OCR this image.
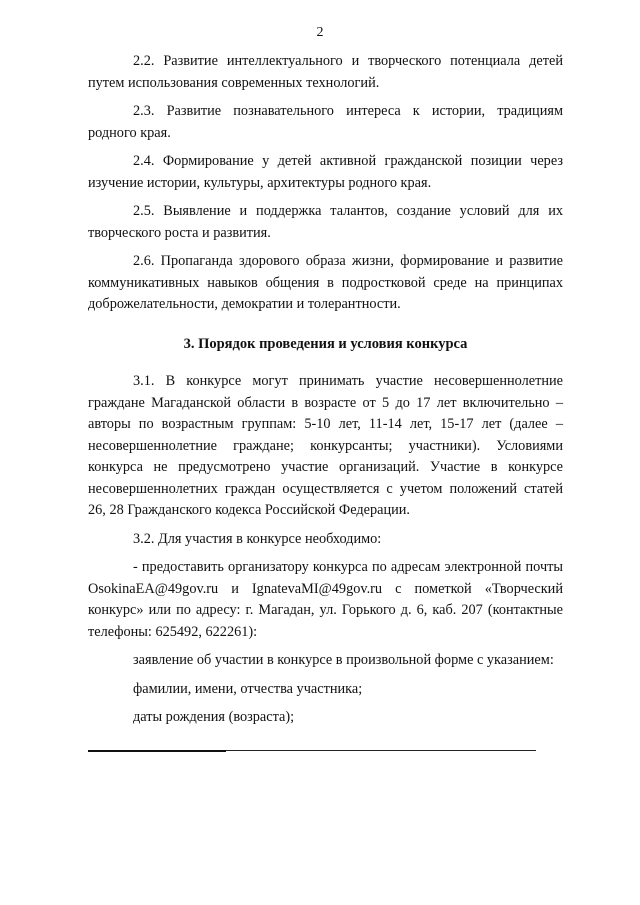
2

2.2. Развитие интеллектуального и творческого потенциала детей путем использования современных технологий.

2.3. Развитие познавательного интереса к истории, традициям родного края.

2.4. Формирование у детей активной гражданской позиции через изучение истории, культуры, архитектуры родного края.

2.5. Выявление и поддержка талантов, создание условий для их творческого роста и развития.

2.6. Пропаганда здорового образа жизни, формирование и развитие коммуникативных навыков общения в подростковой среде на принципах доброжелательности, демократии и толерантности.

3. Порядок проведения и условия конкурса

3.1. В конкурсе могут принимать участие несовершеннолетние граждане Магаданской области в возрасте от 5 до 17 лет включительно – авторы по возрастным группам: 5-10 лет, 11-14 лет, 15-17 лет (далее – несовершеннолетние граждане; конкурсанты; участники). Условиями конкурса не предусмотрено участие организаций. Участие в конкурсе несовершеннолетних граждан осуществляется с учетом положений статей 26, 28 Гражданского кодекса Российской Федерации.

3.2. Для участия в конкурсе необходимо:

- предоставить организатору конкурса по адресам электронной почты OsokinaEA@49gov.ru и IgnatevaMI@49gov.ru с пометкой «Творческий конкурс» или по адресу: г. Магадан, ул. Горького д. 6, каб. 207 (контактные телефоны: 625492, 622261):

заявление об участии в конкурсе в произвольной форме с указанием:

фамилии, имени, отчества участника;

даты рождения (возраста);
